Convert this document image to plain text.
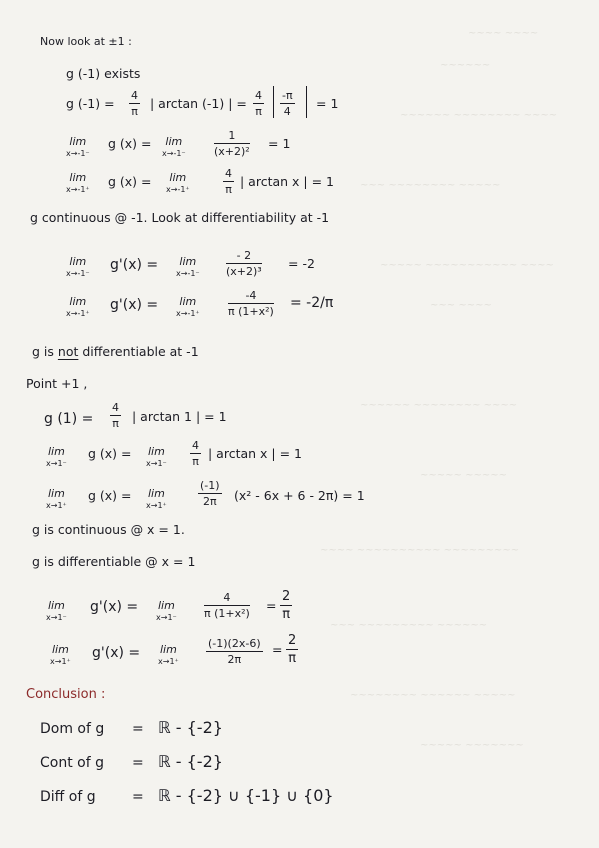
~~~~ ~~~~
~~~~~~
~~~~~~ ~~~~~~~~ ~~~~
~~~ ~~~~~~~~ ~~~~~
~~~~~ ~~~~~~~~~~~ ~~~~
~~~ ~~~~
~~~~~~ ~~~~~~~~ ~~~~
~~~~~ ~~~~~
~~~~ ~~~~~~~~~~ ~~~~~~~~~
~~~ ~~~~~~~~~ ~~~~~~
~~~~~~~~ ~~~~~~ ~~~~~
~~~~~ ~~~~~~~
Now look at ±1 :
g (-1) exists
g (-1) =
4
π
| arctan (-1) | =
4
π
-π
4
= 1
lim
x→-1⁻
g (x) = lim
x→-1⁻
1
(x+2)²
= 1
lim
x→-1⁺
g (x) = lim
x→-1⁺
4
π
| arctan x | = 1
g continuous @ -1. Look at differentiability at -1
lim
x→-1⁻
g'(x) = lim
x→-1⁻
- 2
(x+2)³
= -2
lim
x→-1⁺
g'(x) = lim
x→-1⁺
-4
π (1+x²)
= -2/π
g is not differentiable at -1
Point +1 ,
g (1) =
4
π | arctan 1 | = 1
lim
x→1⁻
g (x) = lim
x→1⁻
4
π
| arctan x | = 1
lim
x→1⁺
g (x) = lim
x→1⁺
(-1)
2π (x² - 6x + 6 - 2π) = 1
g is continuous @ x = 1.
g is differentiable @ x = 1
lim
x→1⁻
g'(x) = lim
x→1⁻
4
π (1+x²)
=
2
π
lim
x→1⁺
g'(x) = lim
x→1⁺
(-1)(2x-6)
2π
=
2
π
Conclusion :
Dom of g = ℝ - {-2}
Cont of g = ℝ - {-2}
Diff of g	= ℝ - {-2} ∪ {-1} ∪ {0}
